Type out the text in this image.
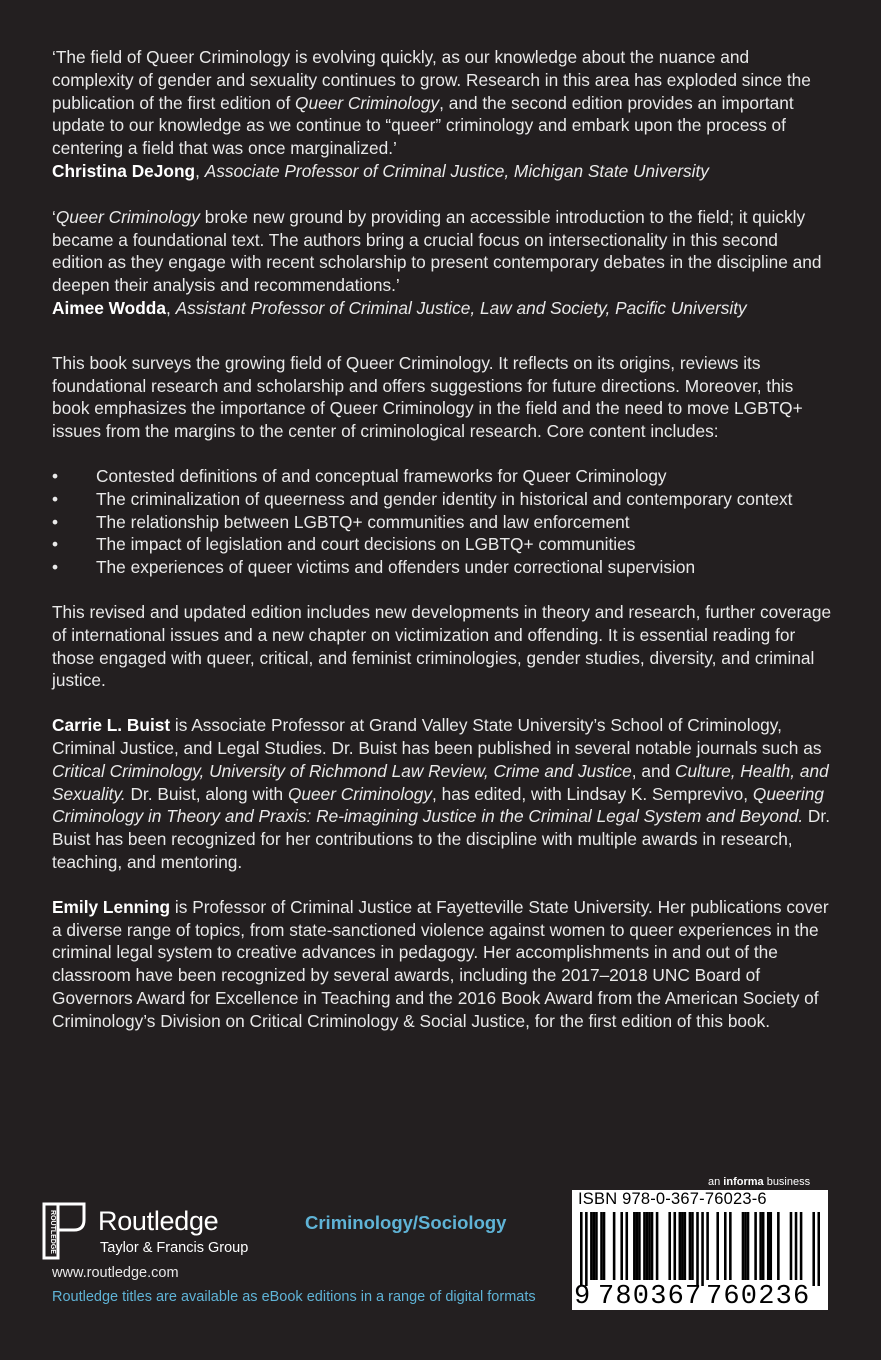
‘The field of Queer Criminology is evolving quickly, as our knowledge about the nuance and complexity of gender and sexuality continues to grow. Research in this area has exploded since the publication of the first edition of Queer Criminology, and the second edition provides an important update to our knowledge as we continue to “queer” criminology and embark upon the process of centering a field that was once marginalized.’
Christina DeJong, Associate Professor of Criminal Justice, Michigan State University
‘Queer Criminology broke new ground by providing an accessible introduction to the field; it quickly became a foundational text. The authors bring a crucial focus on intersectionality in this second edition as they engage with recent scholarship to present contemporary debates in the discipline and deepen their analysis and recommendations.’
Aimee Wodda, Assistant Professor of Criminal Justice, Law and Society, Pacific University
This book surveys the growing field of Queer Criminology. It reflects on its origins, reviews its foundational research and scholarship and offers suggestions for future directions. Moreover, this book emphasizes the importance of Queer Criminology in the field and the need to move LGBTQ+ issues from the margins to the center of criminological research. Core content includes:
• Contested definitions of and conceptual frameworks for Queer Criminology
• The criminalization of queerness and gender identity in historical and contemporary context
• The relationship between LGBTQ+ communities and law enforcement
• The impact of legislation and court decisions on LGBTQ+ communities
• The experiences of queer victims and offenders under correctional supervision
This revised and updated edition includes new developments in theory and research, further coverage of international issues and a new chapter on victimization and offending. It is essential reading for those engaged with queer, critical, and feminist criminologies, gender studies, diversity, and criminal justice.
Carrie L. Buist is Associate Professor at Grand Valley State University’s School of Criminology, Criminal Justice, and Legal Studies. Dr. Buist has been published in several notable journals such as Critical Criminology, University of Richmond Law Review, Crime and Justice, and Culture, Health, and Sexuality. Dr. Buist, along with Queer Criminology, has edited, with Lindsay K. Semprevivo, Queering Criminology in Theory and Praxis: Re-imagining Justice in the Criminal Legal System and Beyond. Dr. Buist has been recognized for her contributions to the discipline with multiple awards in research, teaching, and mentoring.
Emily Lenning is Professor of Criminal Justice at Fayetteville State University. Her publications cover a diverse range of topics, from state-sanctioned violence against women to queer experiences in the criminal legal system to creative advances in pedagogy. Her accomplishments in and out of the classroom have been recognized by several awards, including the 2017–2018 UNC Board of Governors Award for Excellence in Teaching and the 2016 Book Award from the American Society of Criminology’s Division on Critical Criminology & Social Justice, for the first edition of this book.
ROUTLEDGE Routledge
Taylor & Francis Group
www.routledge.com
Routledge titles are available as eBook editions in a range of digital formats
Criminology/Sociology
an informa business
ISBN 978-0-367-76023-6
9 780367 760236
